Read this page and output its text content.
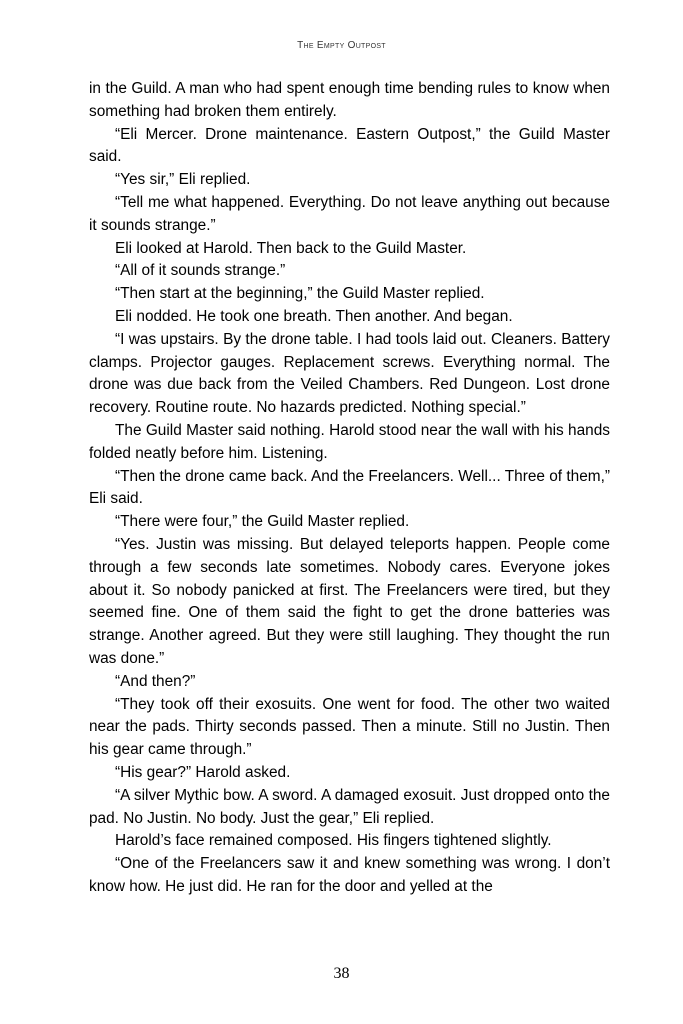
The Empty Outpost

in the Guild. A man who had spent enough time bending rules to know when something had broken them entirely.

“Eli Mercer. Drone maintenance. Eastern Outpost,” the Guild Master said.

“Yes sir,” Eli replied.

“Tell me what happened. Everything. Do not leave anything out because it sounds strange.”

Eli looked at Harold. Then back to the Guild Master.

“All of it sounds strange.”

“Then start at the beginning,” the Guild Master replied.

Eli nodded. He took one breath. Then another. And began.

“I was upstairs. By the drone table. I had tools laid out. Cleaners. Battery clamps. Projector gauges. Replacement screws. Everything normal. The drone was due back from the Veiled Chambers. Red Dungeon. Lost drone recovery. Routine route. No hazards predicted. Nothing special.”

The Guild Master said nothing. Harold stood near the wall with his hands folded neatly before him. Listening.

“Then the drone came back. And the Freelancers. Well... Three of them,” Eli said.

“There were four,” the Guild Master replied.

“Yes. Justin was missing. But delayed teleports happen. People come through a few seconds late sometimes. Nobody cares. Everyone jokes about it. So nobody panicked at first. The Freelancers were tired, but they seemed fine. One of them said the fight to get the drone batteries was strange. Another agreed. But they were still laughing. They thought the run was done.”

“And then?”

“They took off their exosuits. One went for food. The other two waited near the pads. Thirty seconds passed. Then a minute. Still no Justin. Then his gear came through.”

“His gear?” Harold asked.

“A silver Mythic bow. A sword. A damaged exosuit. Just dropped onto the pad. No Justin. No body. Just the gear,” Eli replied.

Harold’s face remained composed. His fingers tightened slightly.

“One of the Freelancers saw it and knew something was wrong. I don’t know how. He just did. He ran for the door and yelled at the

38
